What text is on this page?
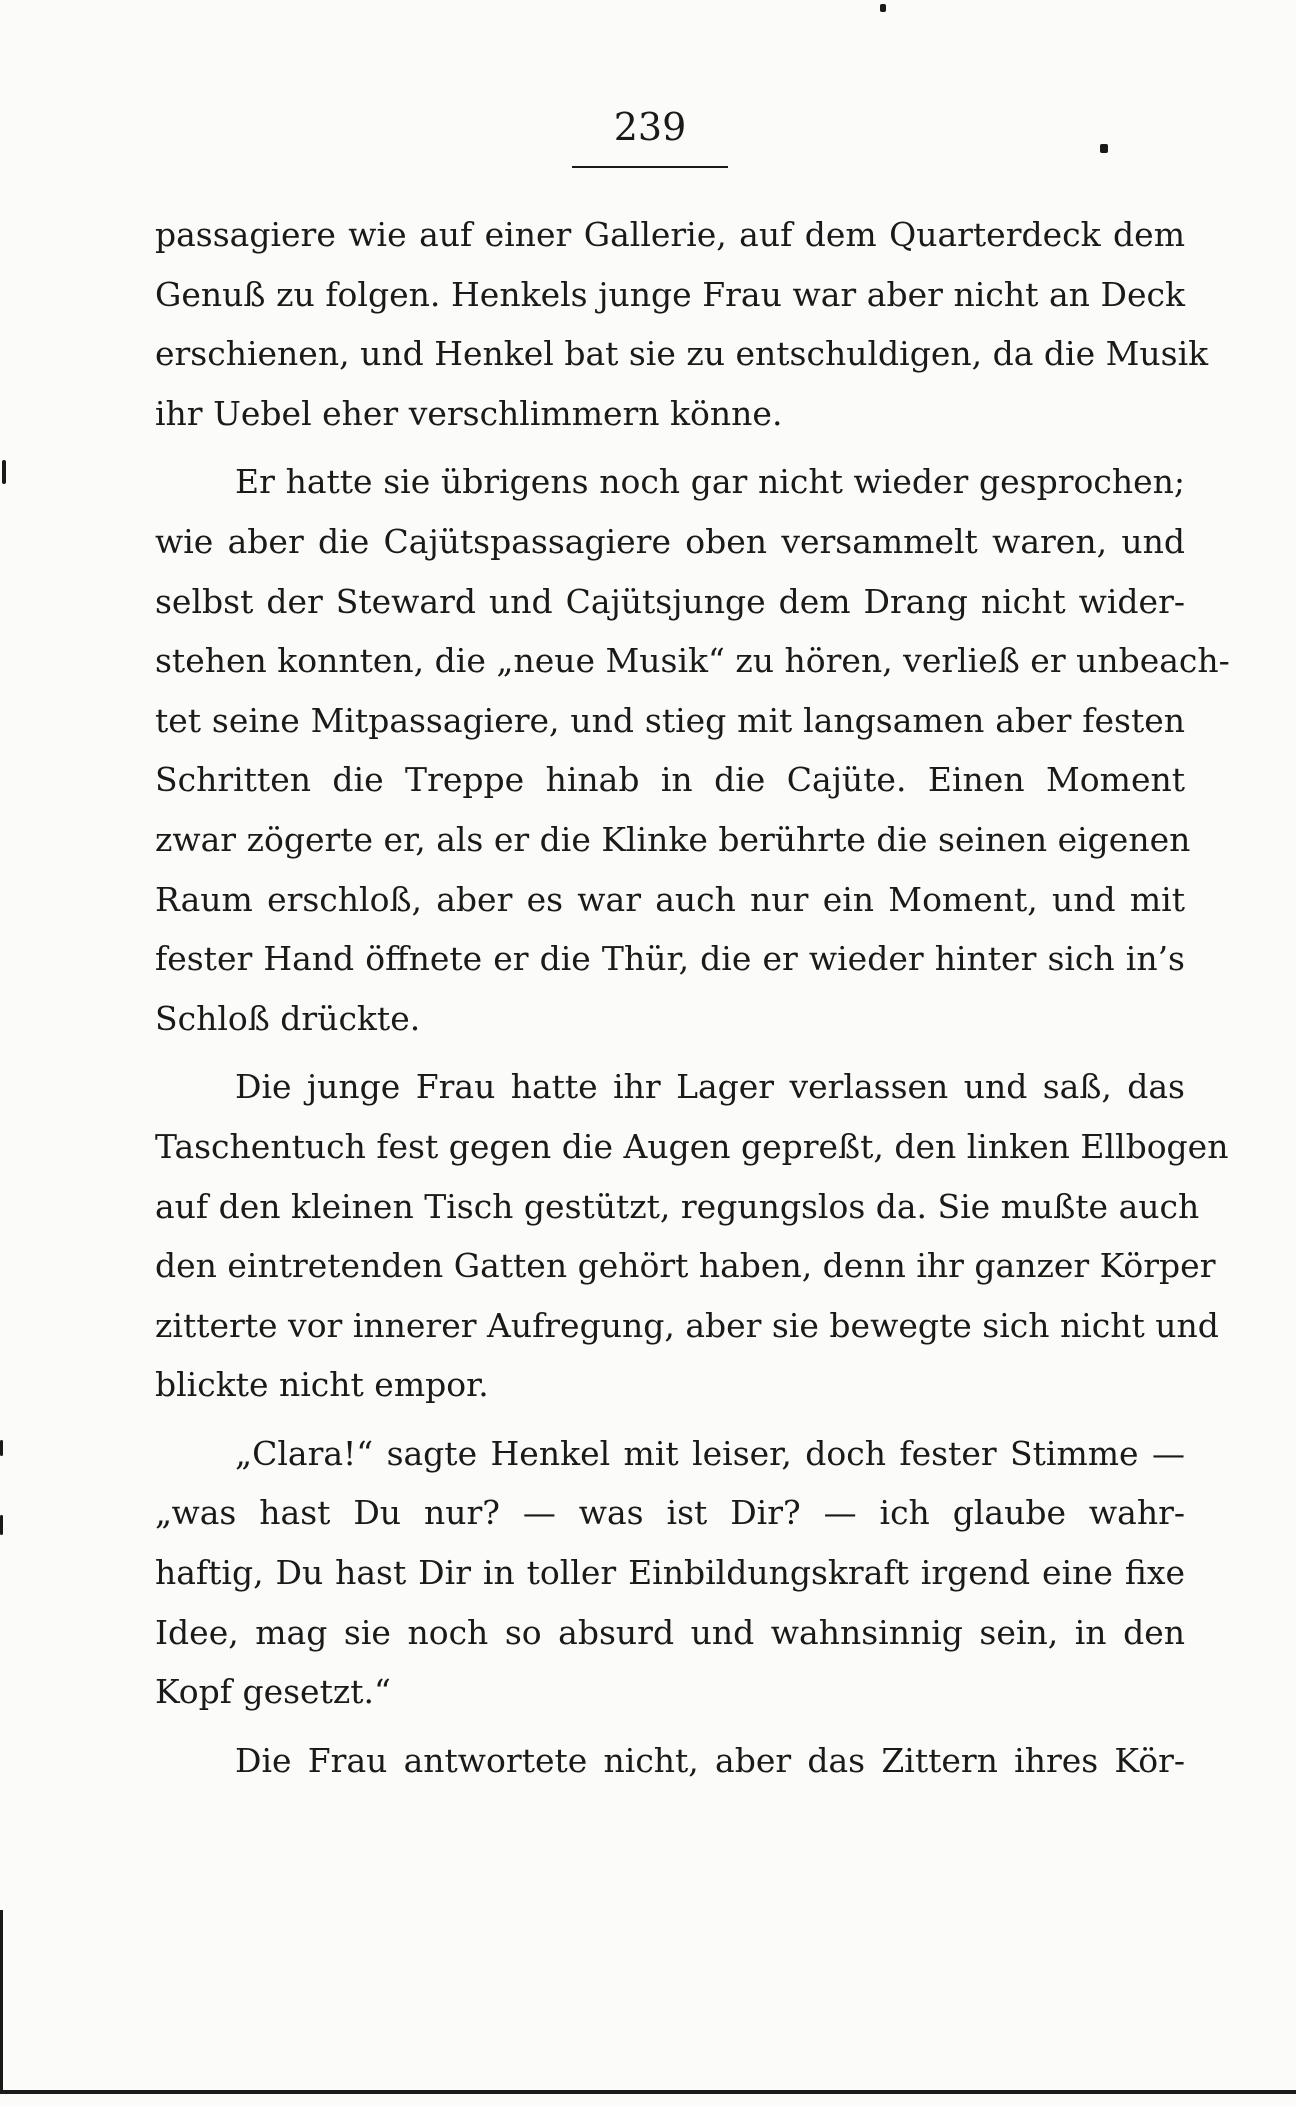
239

passagiere wie auf einer Gallerie, auf dem Quarterdeck dem
Genuß zu folgen. Henkels junge Frau war aber nicht an Deck
erschienen, und Henkel bat sie zu entschuldigen, da die Musik
ihr Uebel eher verschlimmern könne.

Er hatte sie übrigens noch gar nicht wieder gesprochen;
wie aber die Cajütspassagiere oben versammelt waren, und
selbst der Steward und Cajütsjunge dem Drang nicht wider-
stehen konnten, die „neue Musik“ zu hören, verließ er unbeach-
tet seine Mitpassagiere, und stieg mit langsamen aber festen
Schritten die Treppe hinab in die Cajüte. Einen Moment
zwar zögerte er, als er die Klinke berührte die seinen eigenen
Raum erschloß, aber es war auch nur ein Moment, und mit
fester Hand öffnete er die Thür, die er wieder hinter sich in’s
Schloß drückte.

Die junge Frau hatte ihr Lager verlassen und saß, das
Taschentuch fest gegen die Augen gepreßt, den linken Ellbogen
auf den kleinen Tisch gestützt, regungslos da. Sie mußte auch
den eintretenden Gatten gehört haben, denn ihr ganzer Körper
zitterte vor innerer Aufregung, aber sie bewegte sich nicht und
blickte nicht empor.

„Clara!“ sagte Henkel mit leiser, doch fester Stimme —
„was hast Du nur? — was ist Dir? — ich glaube wahr-
haftig, Du hast Dir in toller Einbildungskraft irgend eine fixe
Idee, mag sie noch so absurd und wahnsinnig sein, in den
Kopf gesetzt.“

Die Frau antwortete nicht, aber das Zittern ihres Kör-
